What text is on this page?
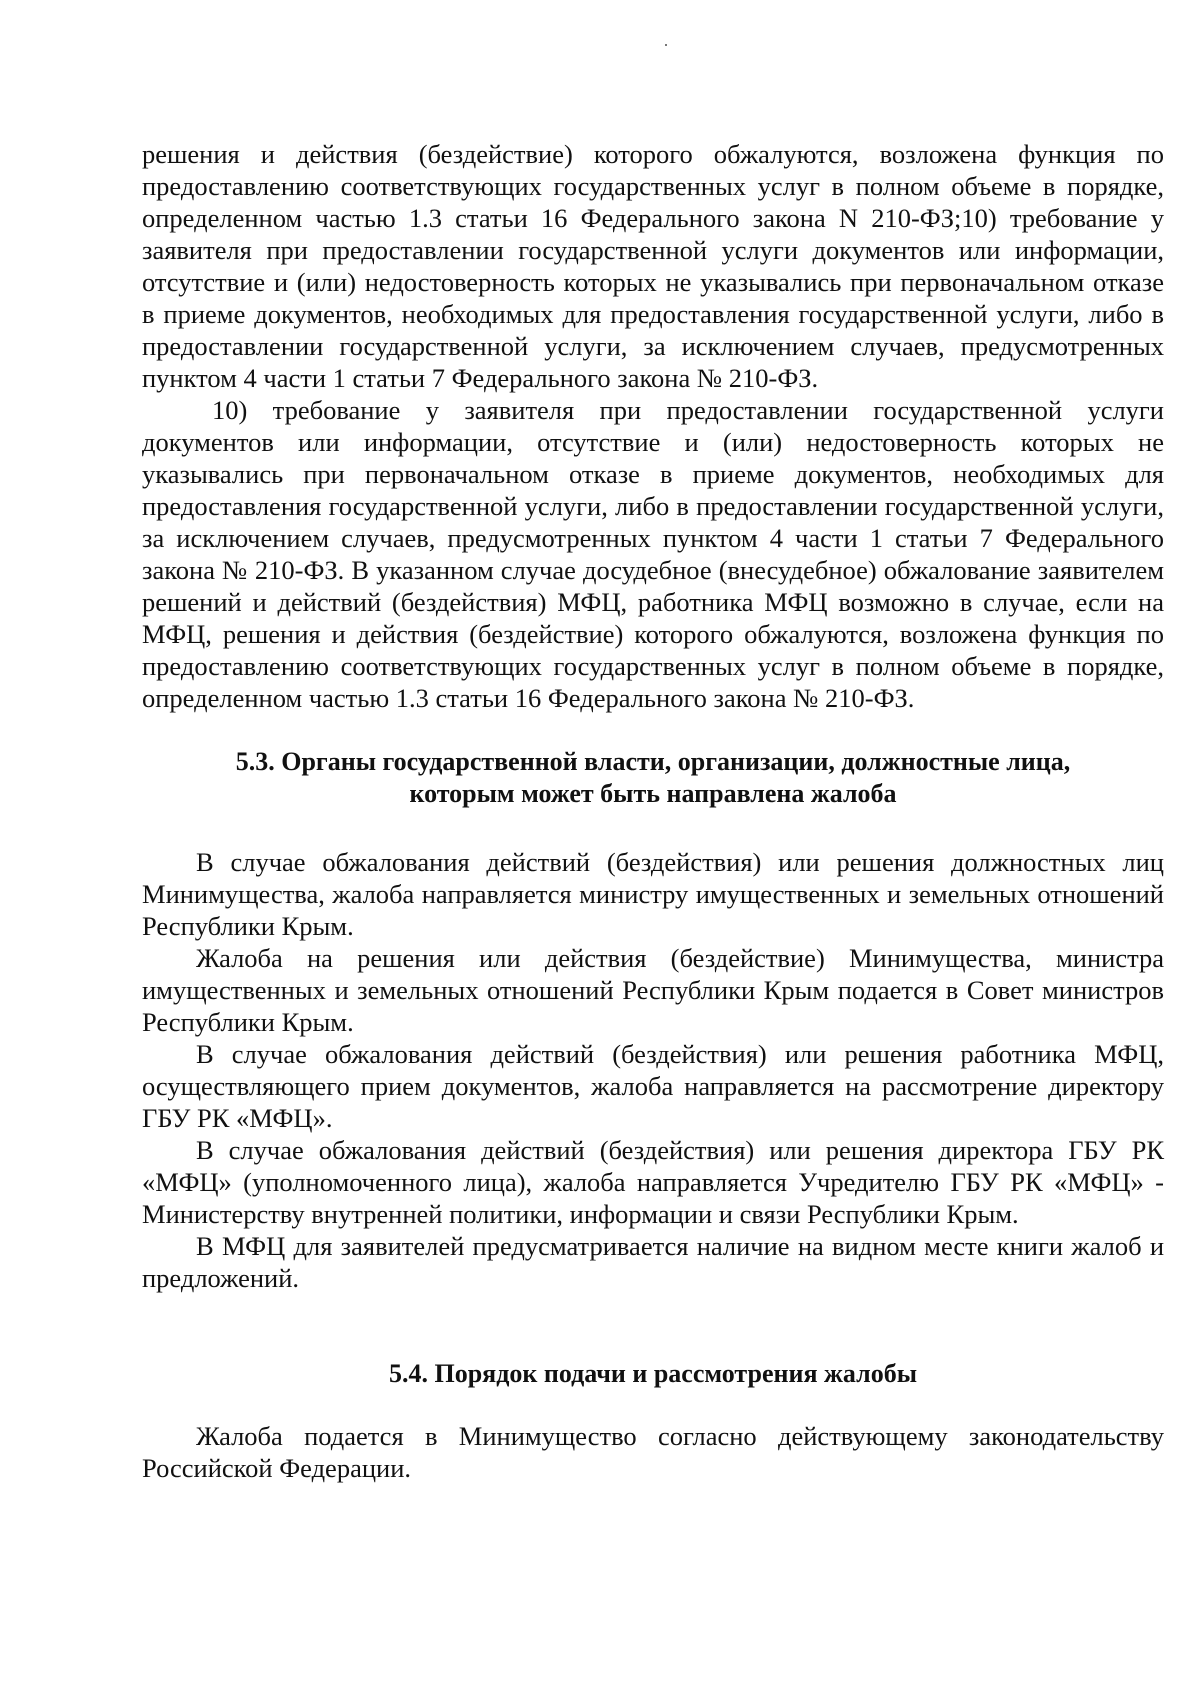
решения и действия (бездействие) которого обжалуются, возложена функция по предоставлению соответствующих государственных услуг в полном объеме в порядке, определенном частью 1.3 статьи 16 Федерального закона N 210-ФЗ;10) требование у заявителя при предоставлении государственной услуги документов или информации, отсутствие и (или) недостоверность которых не указывались при первоначальном отказе в приеме документов, необходимых для предоставления государственной услуги, либо в предоставлении государственной услуги, за исключением случаев, предусмотренных пунктом 4 части 1 статьи 7 Федерального закона № 210-ФЗ.

10) требование у заявителя при предоставлении государственной услуги документов или информации, отсутствие и (или) недостоверность которых не указывались при первоначальном отказе в приеме документов, необходимых для предоставления государственной услуги, либо в предоставлении государственной услуги, за исключением случаев, предусмотренных пунктом 4 части 1 статьи 7 Федерального закона № 210-ФЗ. В указанном случае досудебное (внесудебное) обжалование заявителем решений и действий (бездействия) МФЦ, работника МФЦ возможно в случае, если на МФЦ, решения и действия (бездействие) которого обжалуются, возложена функция по предоставлению соответствующих государственных услуг в полном объеме в порядке, определенном частью 1.3 статьи 16 Федерального закона № 210-ФЗ.

5.3. Органы государственной власти, организации, должностные лица,

которым может быть направлена жалоба

В случае обжалования действий (бездействия) или решения должностных лиц Минимущества, жалоба направляется министру имущественных и земельных отношений Республики Крым.

Жалоба на решения или действия (бездействие) Минимущества, министра имущественных и земельных отношений Республики Крым подается в Совет министров Республики Крым.

В случае обжалования действий (бездействия) или решения работника МФЦ, осуществляющего прием документов, жалоба направляется на рассмотрение директору ГБУ РК «МФЦ».

В случае обжалования действий (бездействия) или решения директора ГБУ РК «МФЦ» (уполномоченного лица), жалоба направляется Учредителю ГБУ РК «МФЦ» - Министерству внутренней политики, информации и связи Республики Крым.

В МФЦ для заявителей предусматривается наличие на видном месте книги жалоб и предложений.

5.4. Порядок подачи и рассмотрения жалобы

Жалоба подается в Минимущество согласно действующему законодательству Российской Федерации.
